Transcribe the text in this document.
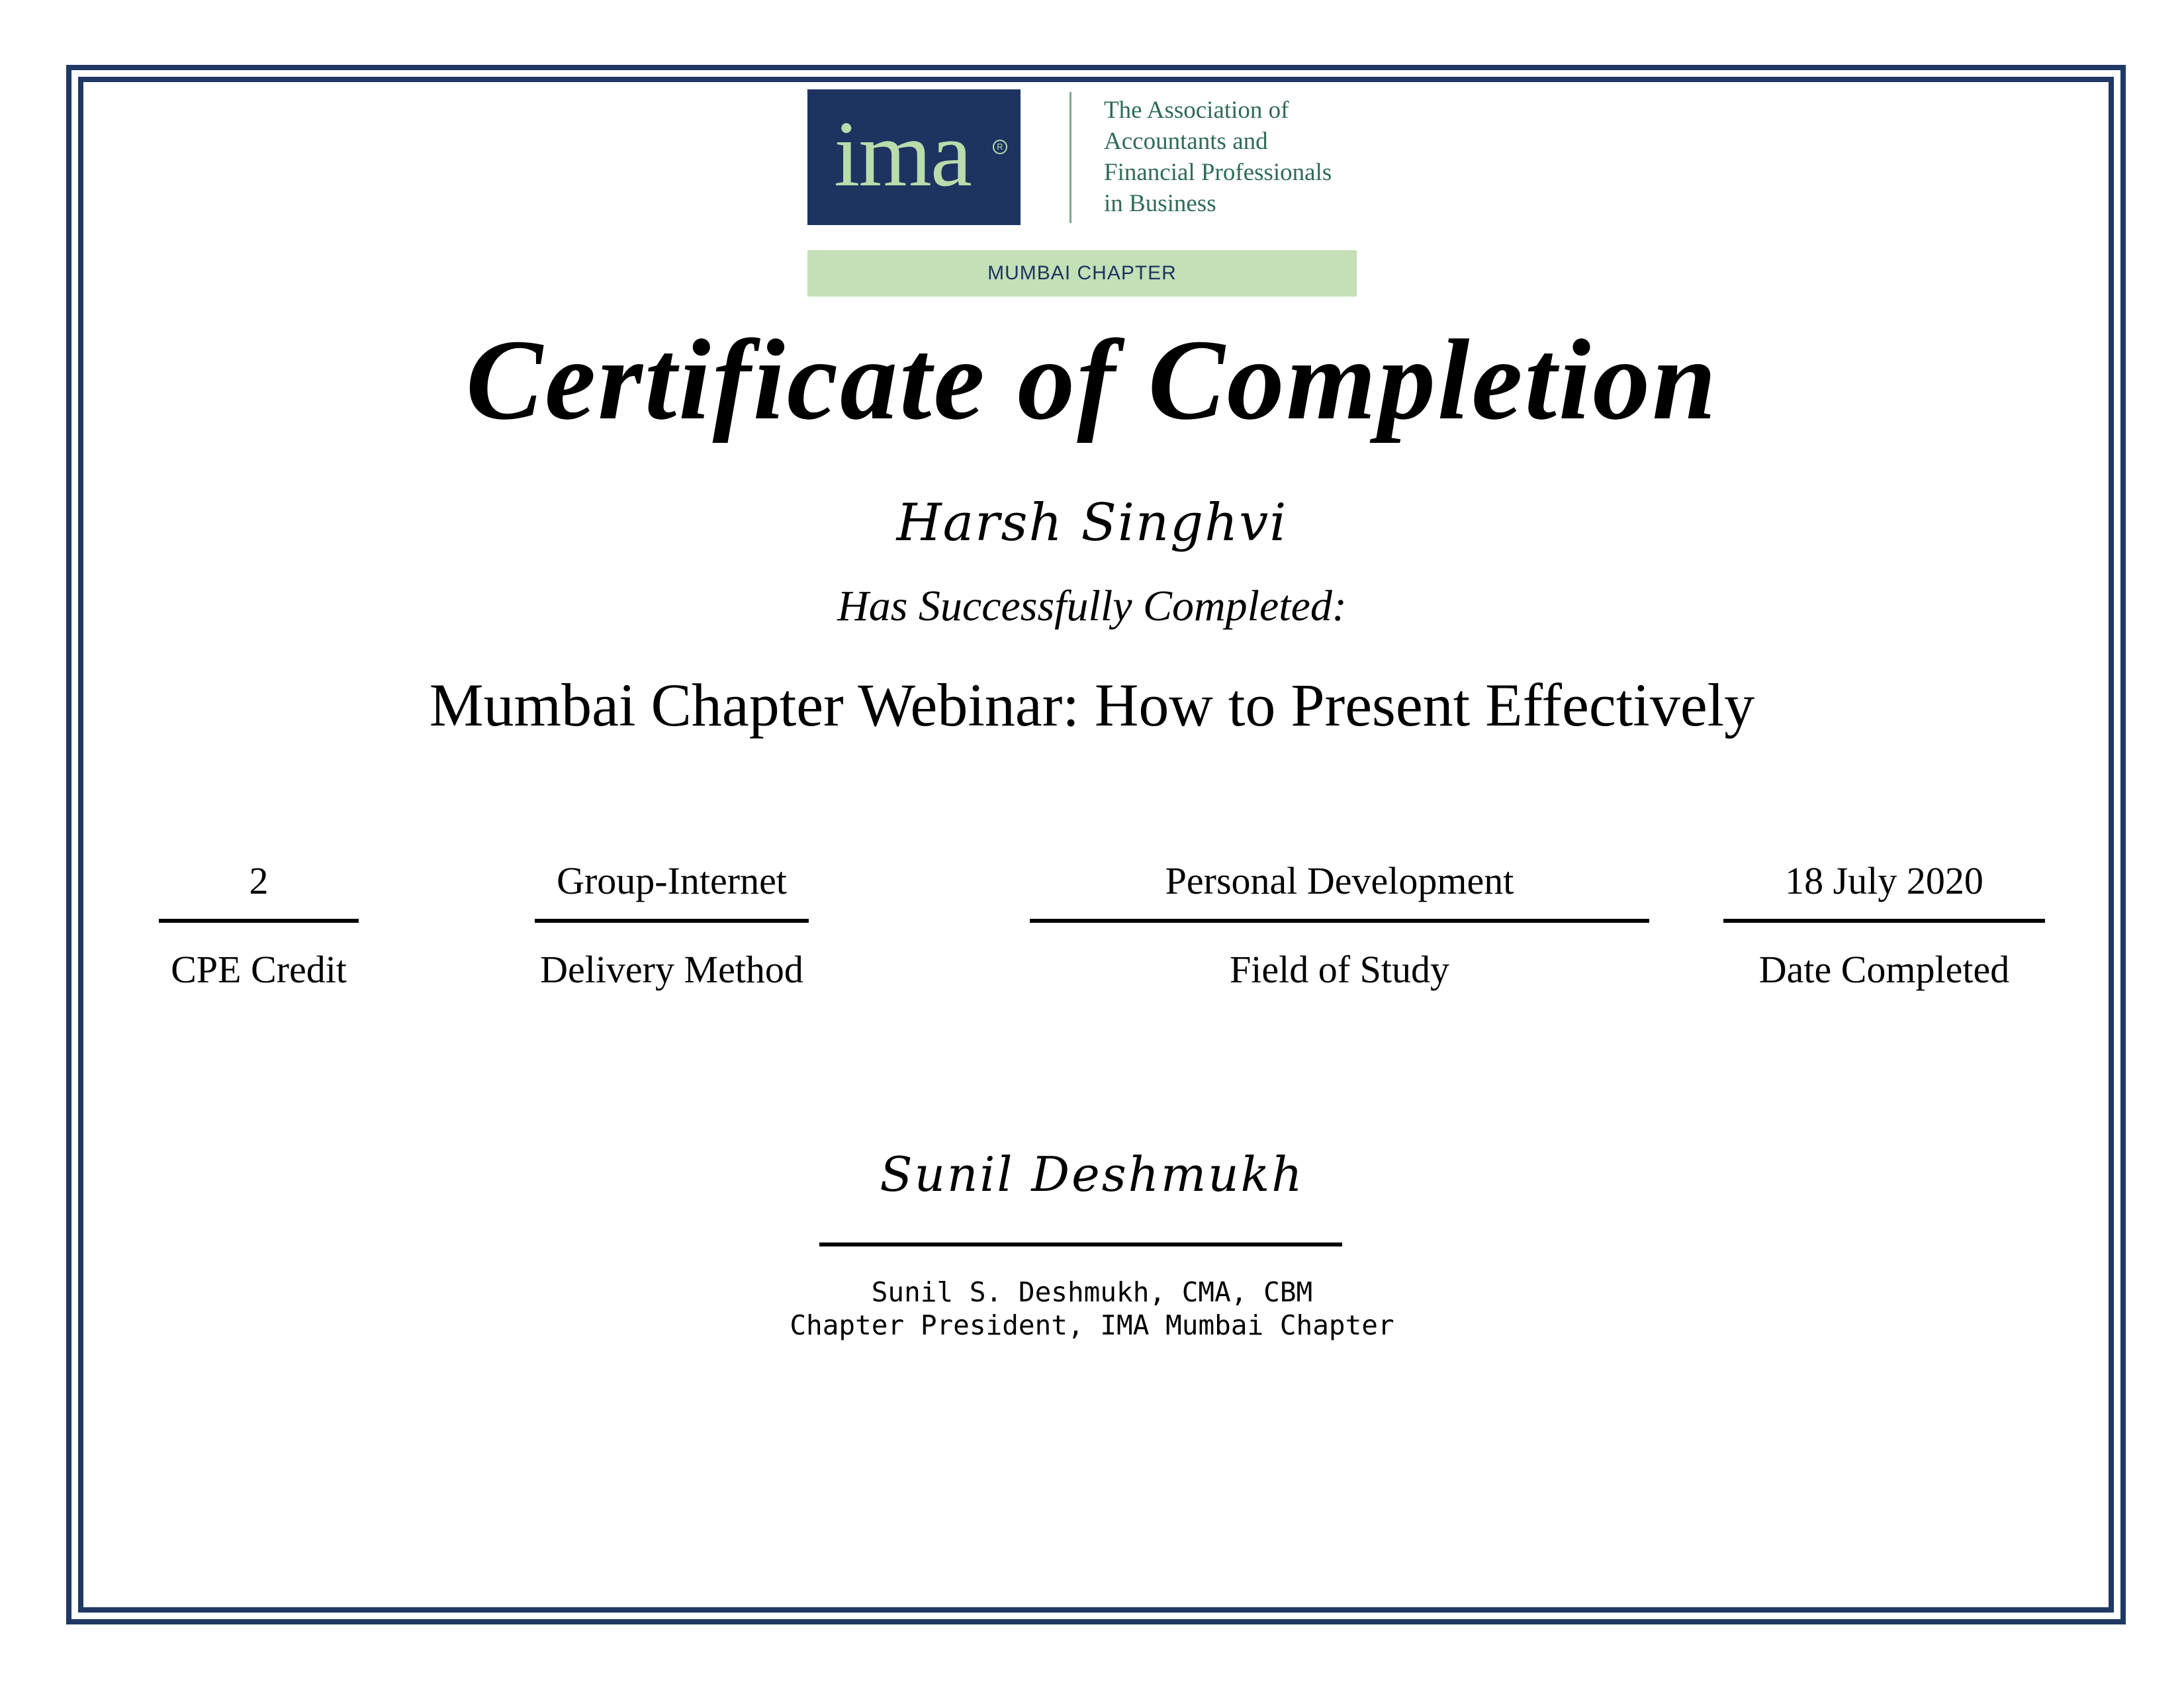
ima	R
The Association of
Accountants and
Financial Professionals
in Business
MUMBAI CHAPTER
Certificate of Completion
Harsh Singhvi
Has Successfully Completed:
Mumbai Chapter Webinar: How to Present Effectively
2
CPE Credit
Group-Internet
Delivery Method
Personal Development
Field of Study
18 July 2020
Date Completed
Sunil Deshmukh
Sunil S. Deshmukh, CMA, CBM
Chapter President, IMA Mumbai Chapter
